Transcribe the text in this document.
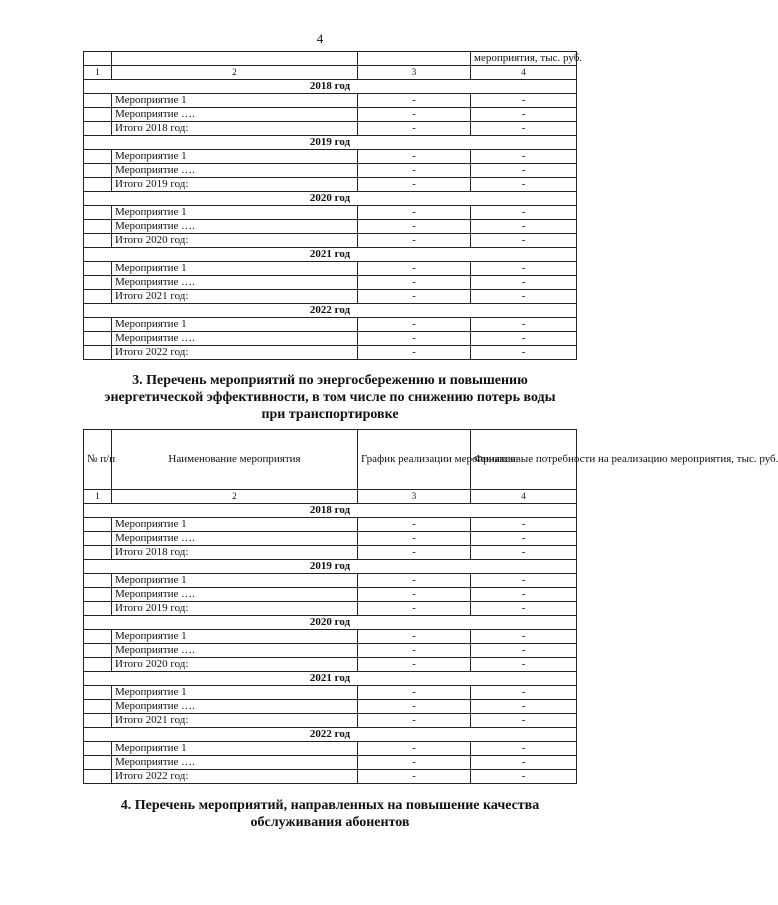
4
			мероприятия, тыс. руб.
1	2	3	4
2018 год			
	Мероприятие 1	-	-
	Мероприятие ….	-	-
	Итого 2018 год:	-	-
2019 год			
	Мероприятие 1	-	-
	Мероприятие ….	-	-
	Итого 2019 год:	-	-
2020 год			
	Мероприятие 1	-	-
	Мероприятие ….	-	-
	Итого 2020 год:	-	-
2021 год			
	Мероприятие 1	-	-
	Мероприятие ….	-	-
	Итого 2021 год:	-	-
2022 год			
	Мероприятие 1	-	-
	Мероприятие ….	-	-
	Итого 2022 год:	-	-
3. Перечень мероприятий по энергосбережению и повышению
энергетической эффективности, в том числе по снижению потерь воды
при транспортировке
№ п/п	Наименование мероприятия	График реализации мероприятия	Финансовые потребности на реализацию мероприятия, тыс. руб.
1	2	3	4
2018 год			
	Мероприятие 1	-	-
	Мероприятие ….	-	-
	Итого 2018 год:	-	-
2019 год			
	Мероприятие 1	-	-
	Мероприятие ….	-	-
	Итого 2019 год:	-	-
2020 год			
	Мероприятие 1	-	-
	Мероприятие ….	-	-
	Итого 2020 год:	-	-
2021 год			
	Мероприятие 1	-	-
	Мероприятие ….	-	-
	Итого 2021 год:	-	-
2022 год			
	Мероприятие 1	-	-
	Мероприятие ….	-	-
	Итого 2022 год:	-	-
4. Перечень мероприятий, направленных на повышение качества
обслуживания абонентов
